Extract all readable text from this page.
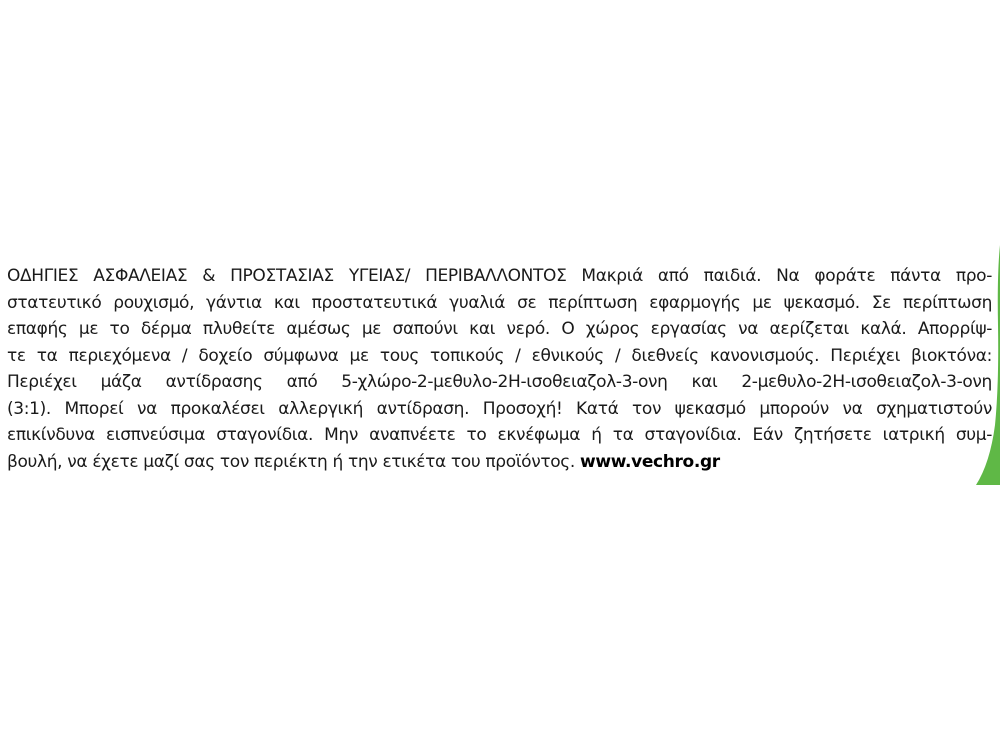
ΟΔΗΓΙΕΣ ΑΣΦΑΛΕΙΑΣ & ΠΡΟΣΤΑΣΙΑΣ ΥΓΕΙΑΣ/ ΠΕΡΙΒΑΛΛΟΝΤΟΣ Μακριά από παιδιά. Να φοράτε πάντα προ-
στατευτικό ρουχισμό, γάντια και προστατευτικά γυαλιά σε περίπτωση εφαρμογής με ψεκασμό. Σε περίπτωση
επαφής με το δέρμα πλυθείτε αμέσως με σαπούνι και νερό. Ο χώρος εργασίας να αερίζεται καλά. Απορρίψ-
τε τα περιεχόμενα / δοχείο σύμφωνα με τους τοπικούς / εθνικούς / διεθνείς κανονισμούς. Περιέχει βιοκτόνα:
Περιέχει μάζα αντίδρασης από 5-χλώρο-2-μεθυλο-2Η-ισοθειαζολ-3-ονη και 2-μεθυλο-2Η-ισοθειαζολ-3-ονη
(3:1). Μπορεί να προκαλέσει αλλεργική αντίδραση. Προσοχή! Κατά τον ψεκασμό μπορούν να σχηματιστούν
επικίνδυνα εισπνεύσιμα σταγονίδια. Μην αναπνέετε το εκνέφωμα ή τα σταγονίδια. Εάν ζητήσετε ιατρική συμ-
βουλή, να έχετε μαζί σας τον περιέκτη ή την ετικέτα του προϊόντος. www.vechro.gr
